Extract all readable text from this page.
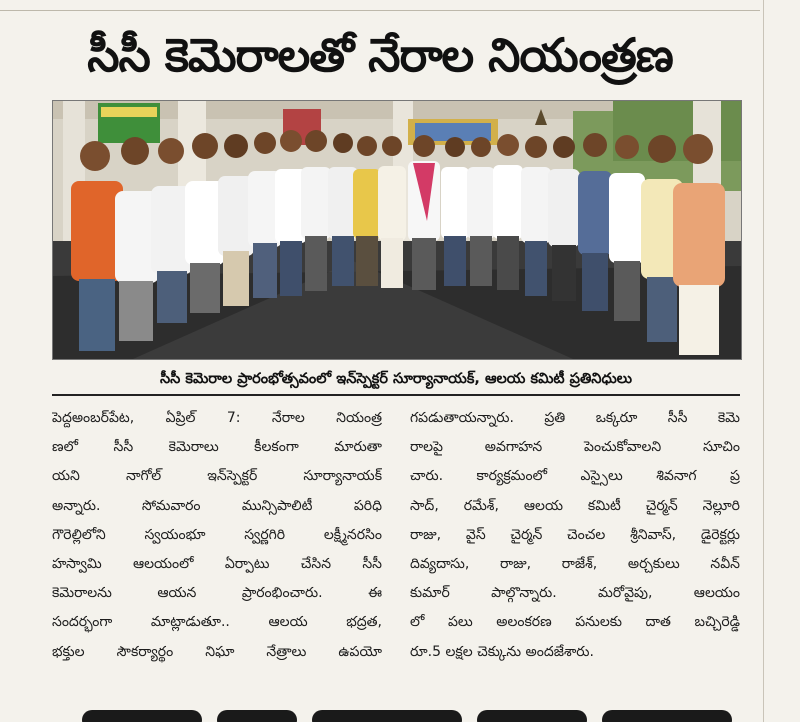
సీసీ కెమెరాలతో నేరాల నియంత్రణ

సీసీ కెమెరాల ప్రారంభోత్సవంలో ఇన్‌స్పెక్టర్ సూర్యానాయక్, ఆలయ కమిటీ ప్రతినిధులు

పెద్దఅంబర్‌పేట, ఏప్రిల్ 7: నేరాల నియంత్ర
ణలో సీసీ కెమెరాలు కీలకంగా మారుతా
యని నాగోల్ ఇన్‌స్పెక్టర్ సూర్యానాయక్
అన్నారు. సోమవారం మున్సిపాలిటీ పరిధి
గౌరెల్లిలోని స్వయంభూ స్వర్ణగిరి లక్ష్మీనరసిం
హస్వామి ఆలయంలో ఏర్పాటు చేసిన సీసీ
కెమెరాలను ఆయన ప్రారంభించారు. ఈ
సందర్భంగా మాట్లాడుతూ.. ఆలయ భద్రత,
భక్తుల సౌకర్యార్థం నిఘా నేత్రాలు ఉపయో
గపడుతాయన్నారు. ప్రతి ఒక్కరూ సీసీ కెమె
రాలపై అవగాహన పెంచుకోవాలని సూచిం
చారు. కార్యక్రమంలో ఎస్సైలు శివనాగ ప్ర
సాద్, రమేశ్, ఆలయ కమిటీ చైర్మన్ నెల్లూరి
రాజు, వైస్ చైర్మన్ చెంచల శ్రీనివాస్, డైరెక్టర్లు
దివ్యదాసు, రాజు, రాజేశ్, అర్చకులు నవీన్
కుమార్ పాల్గొన్నారు. మరోవైపు, ఆలయం
లో పలు అలంకరణ పనులకు దాత బచ్చిరెడ్డి
రూ.5 లక్షల చెక్కును అందజేశారు.
